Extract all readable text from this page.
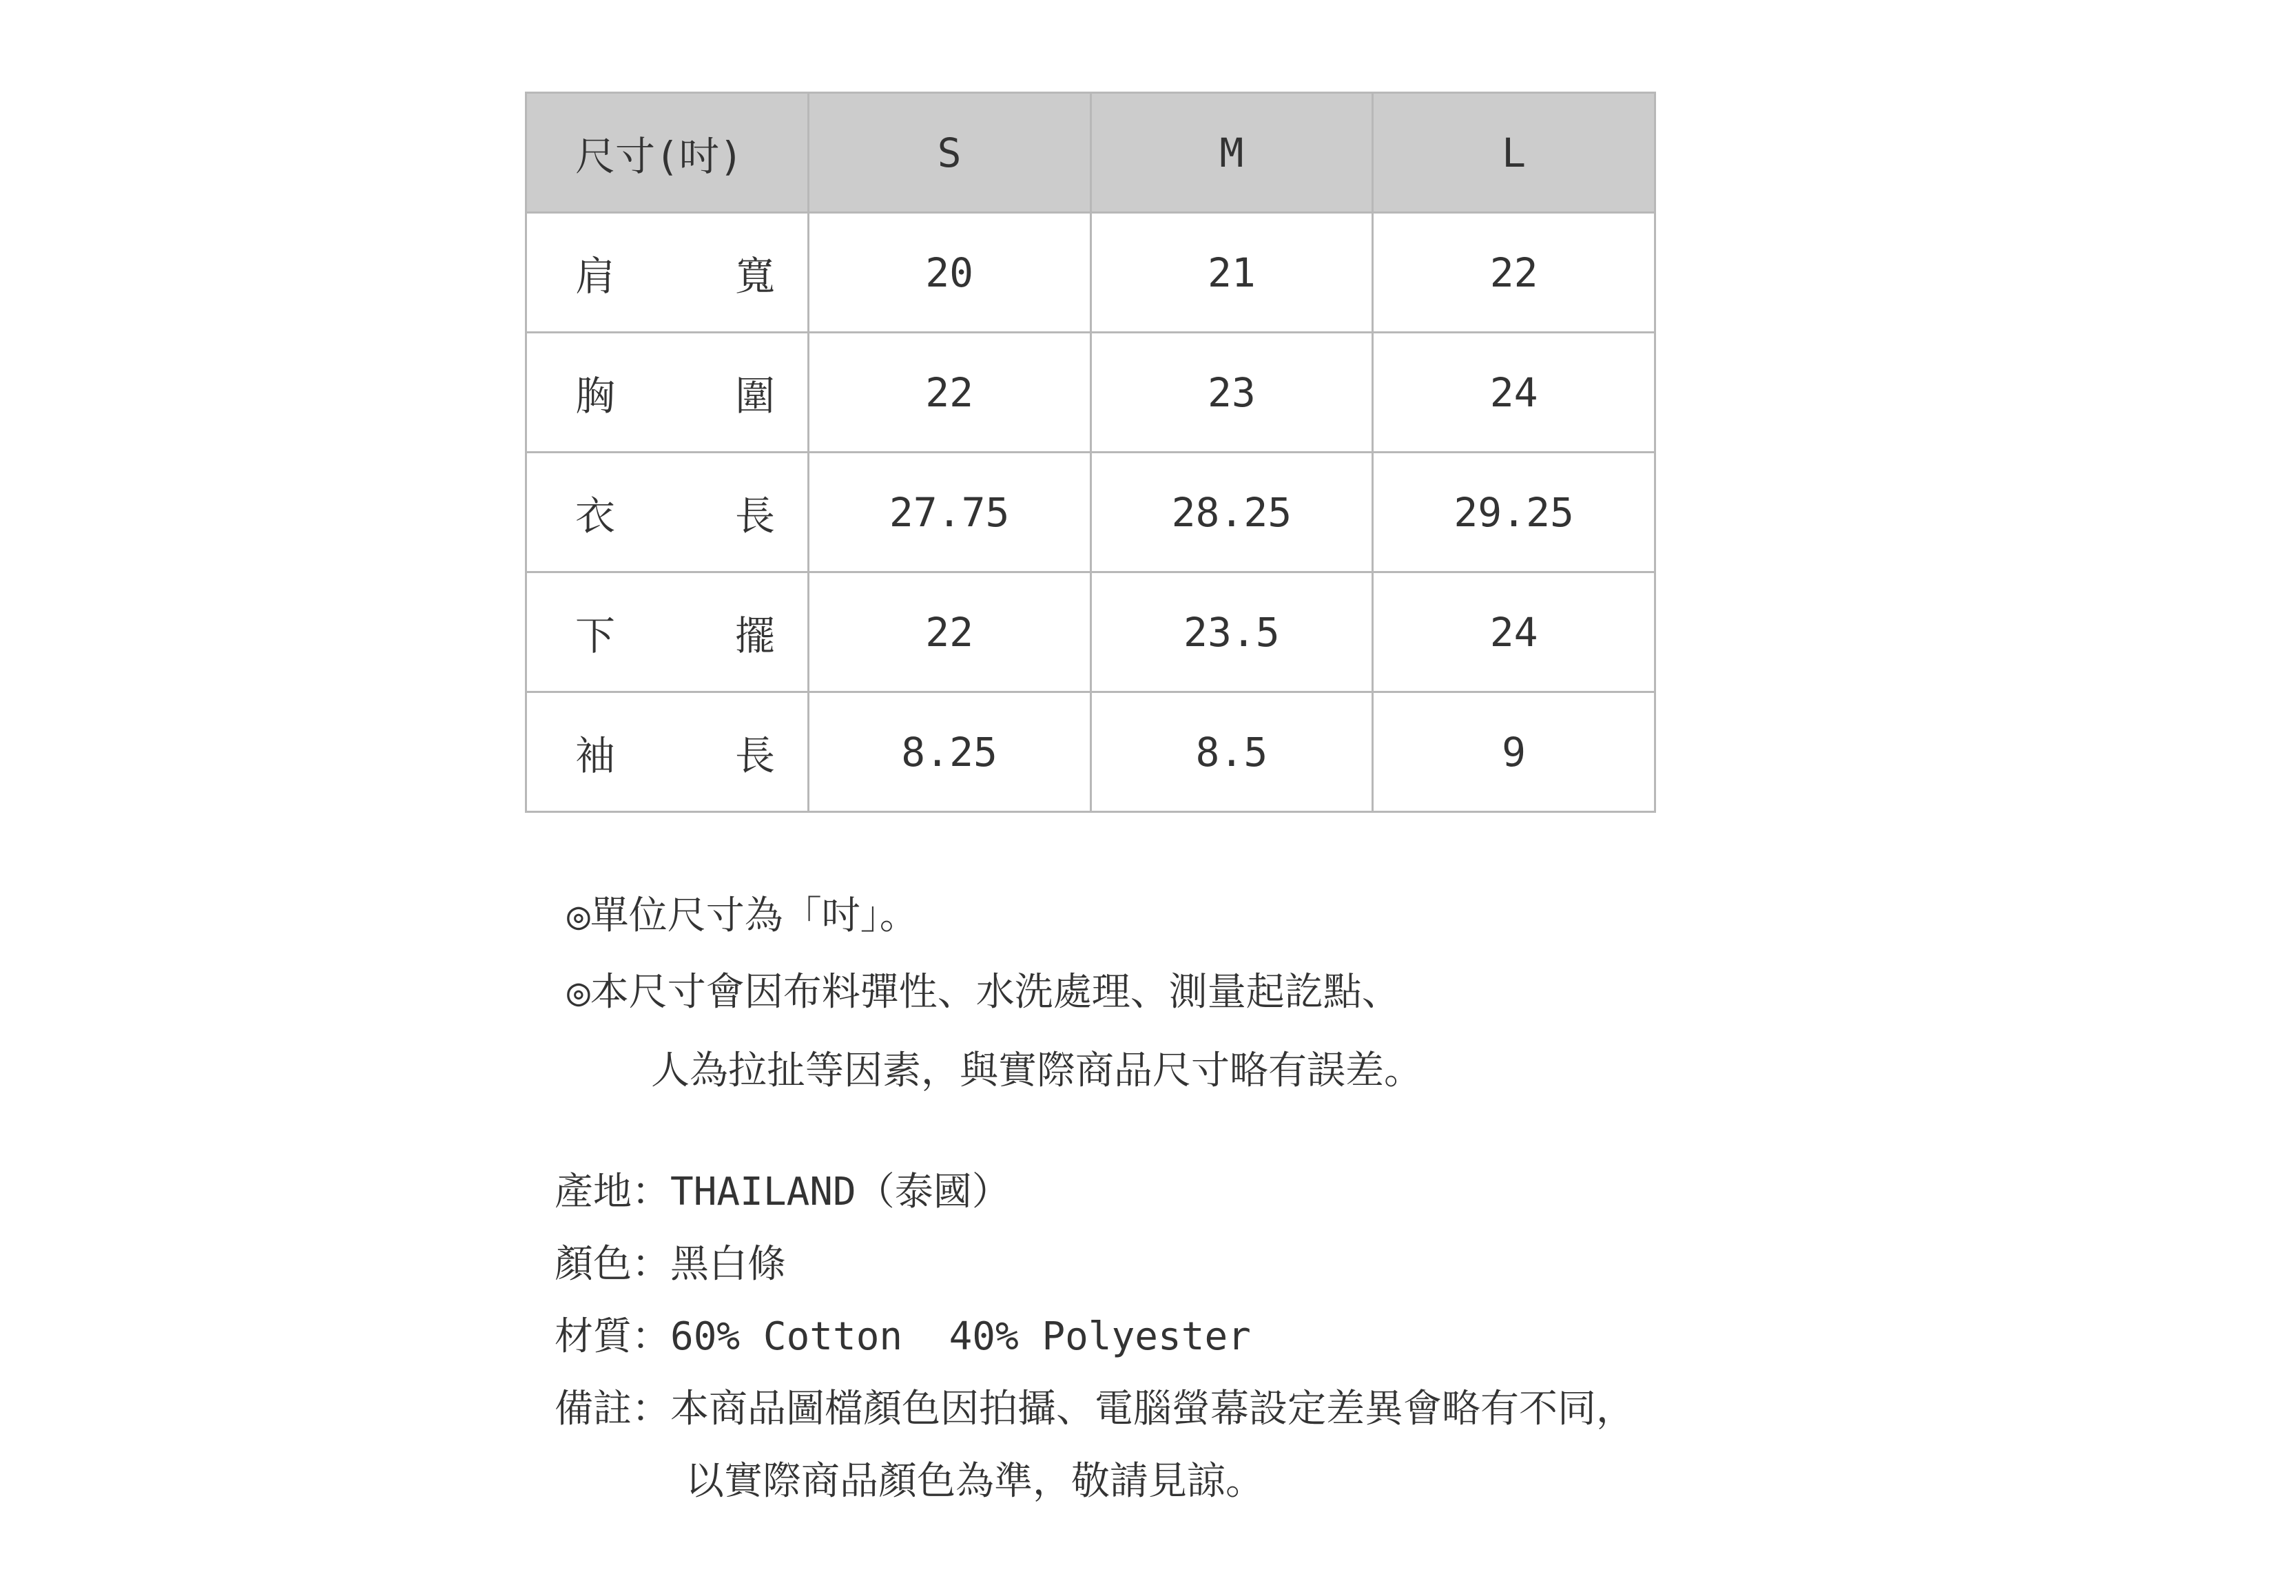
尺寸(吋)	S	M	L
肩　　　寬	20	21	22
胸　　　圍	22	23	24
衣　　　長	27.75	28.25	29.25
下　　　擺	22	23.5	24
袖　　　長	8.25	8.5	9
◎單位尺寸為「吋」。
◎本尺寸會因布料彈性、水洗處理、測量起訖點、
人為拉扯等因素，與實際商品尺寸略有誤差。
產地：THAILAND（泰國）
顏色：黑白條
材質：60% Cotton  40% Polyester
備註：本商品圖檔顏色因拍攝、電腦螢幕設定差異會略有不同，
以實際商品顏色為準，敬請見諒。
